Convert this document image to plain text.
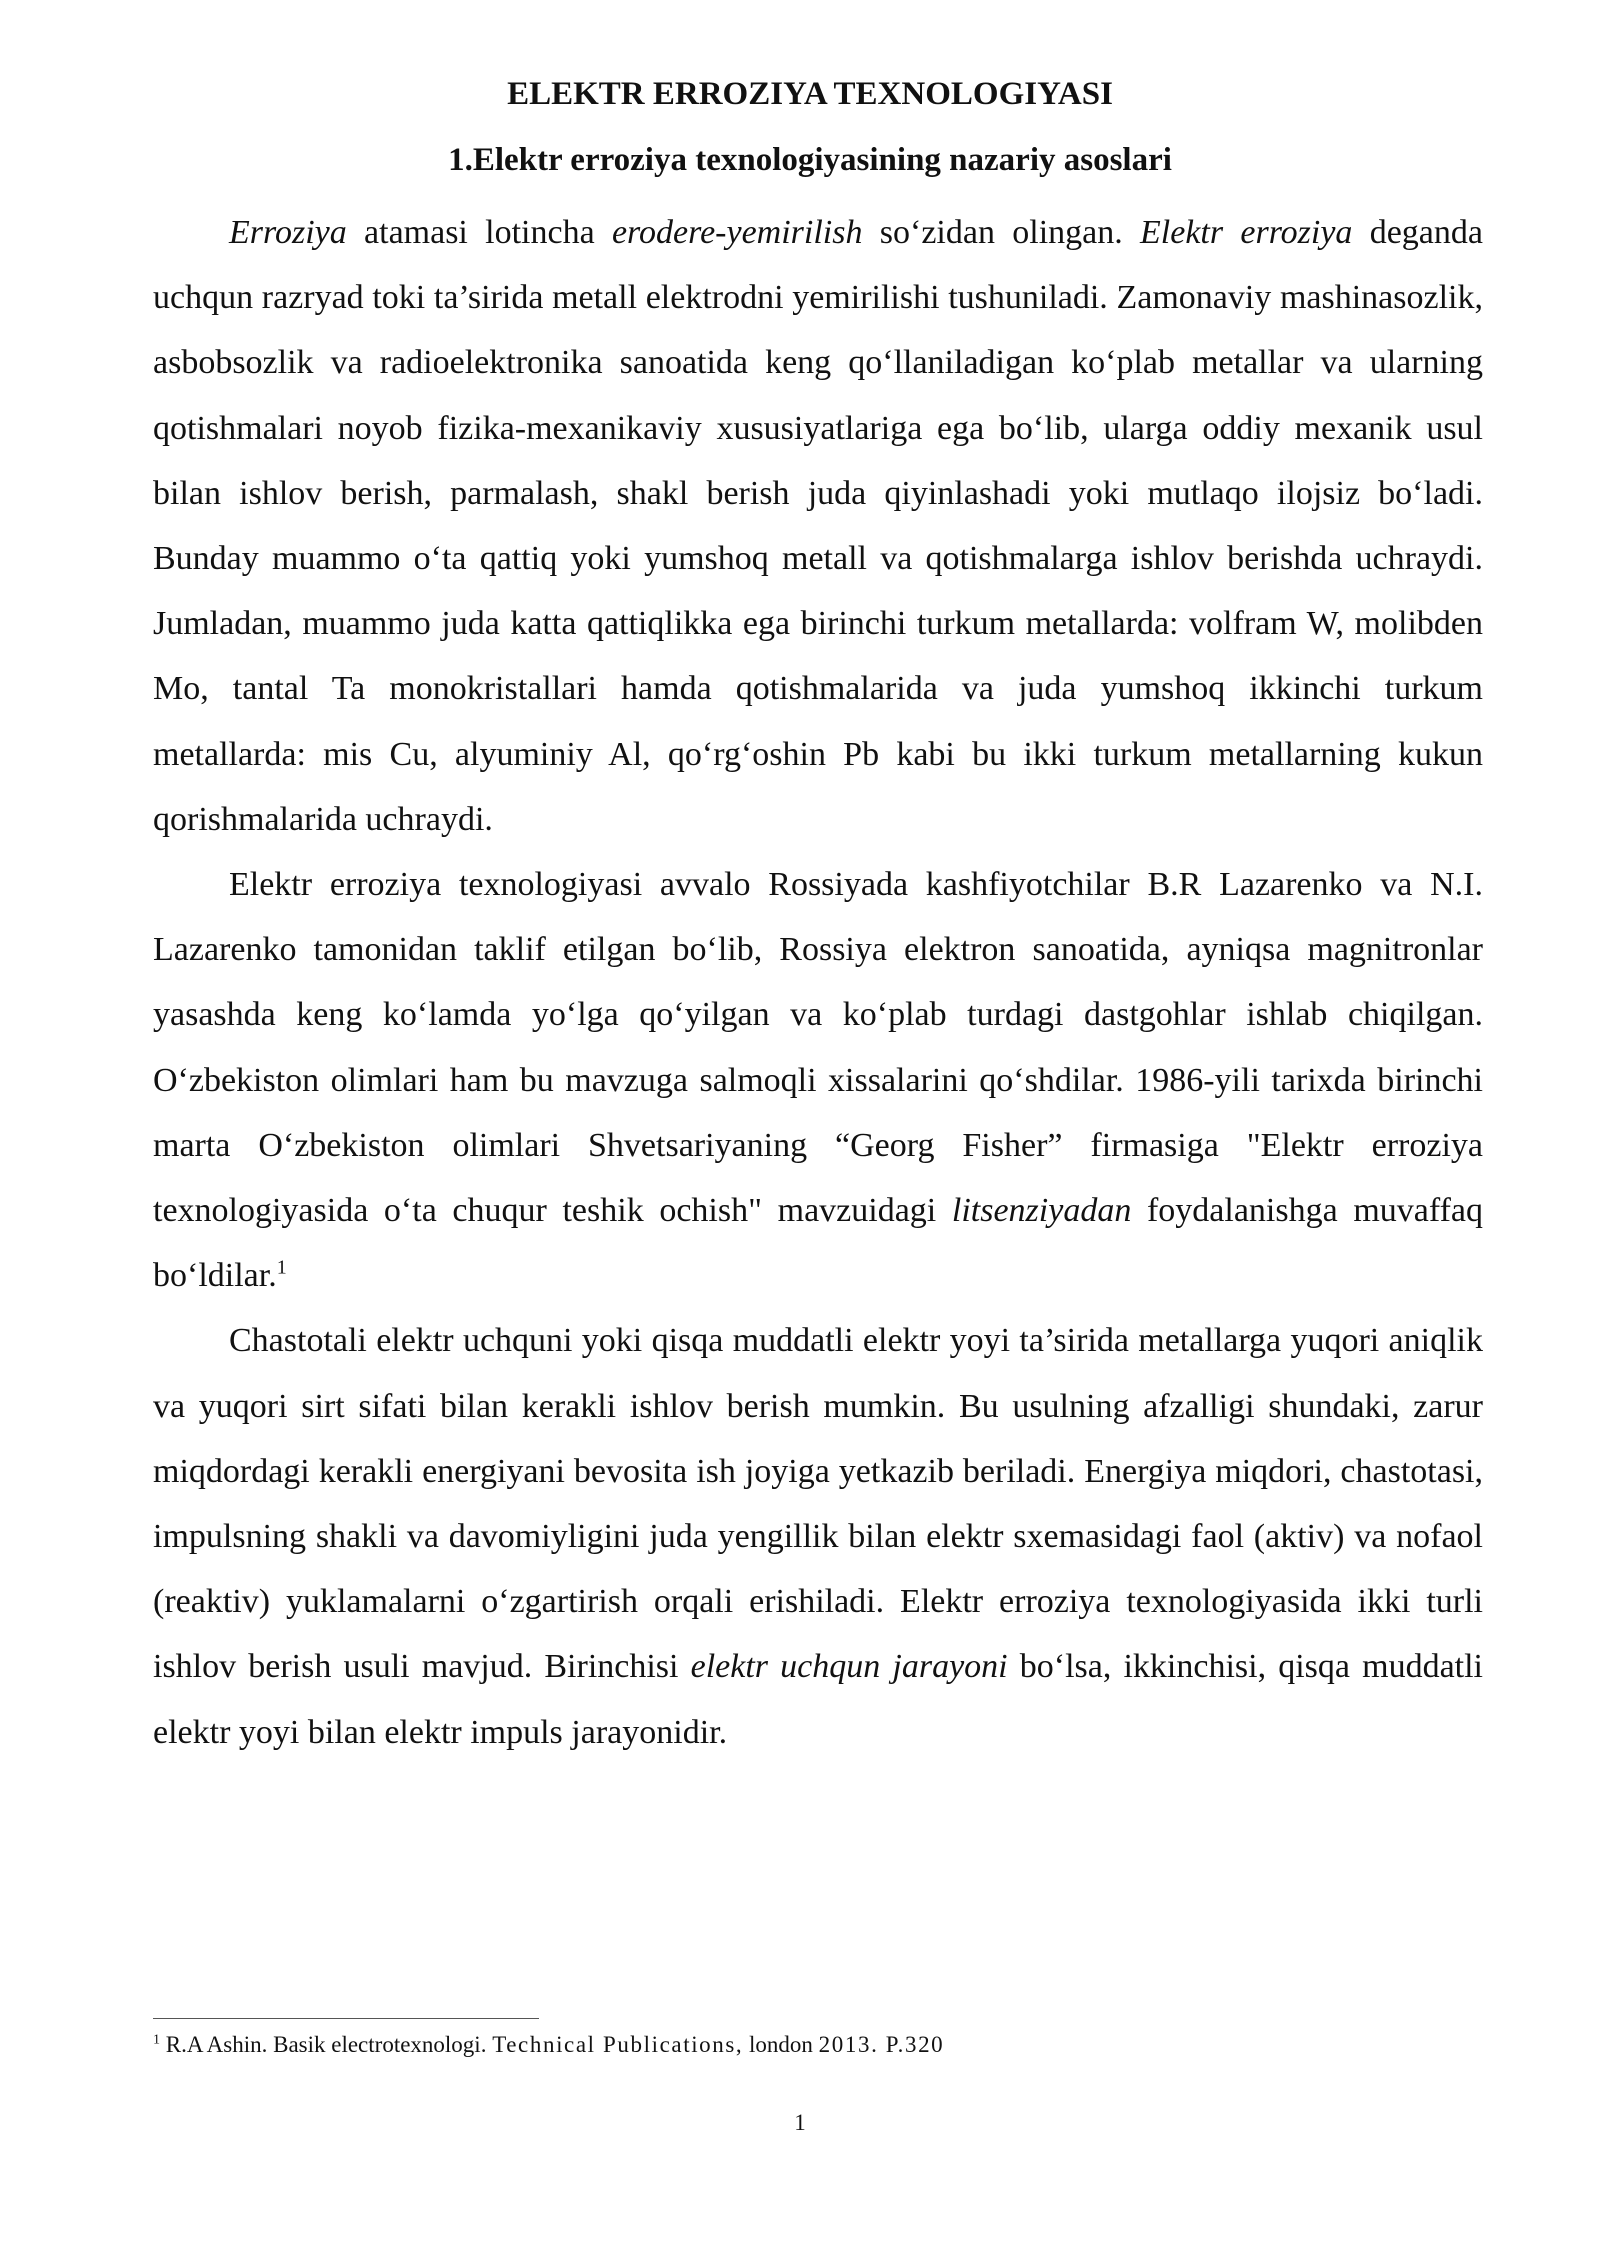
ELEKTR ERROZIYA TEXNOLOGIYASI
1.Elektr erroziya texnologiyasining nazariy asoslari

Erroziya atamasi lotincha erodere-yemirilish so‘zidan olingan. Elektr erroziya deganda uchqun razryad toki ta’sirida metall elektrodni yemirilishi tushuniladi. Zamonaviy mashinasozlik, asbobsozlik va radioelektronika sanoatida keng qo‘llaniladigan ko‘plab metallar va ularning qotishmalari noyob fizika-mexanikaviy xususiyatlariga ega bo‘lib, ularga oddiy mexanik usul bilan ishlov berish, parmalash, shakl berish juda qiyinlashadi yoki mutlaqo ilojsiz bo‘ladi. Bunday muammo o‘ta qattiq yoki yumshoq metall va qotishmalarga ishlov berishda uchraydi. Jumladan, muammo juda katta qattiqlikka ega birinchi turkum metallarda: volfram W, molibden Mo, tantal Ta monokristallari hamda qotishmalarida va juda yumshoq ikkinchi turkum metallarda: mis Cu, alyuminiy Al, qo‘rg‘oshin Pb kabi bu ikki turkum metallarning kukun qorishmalarida uchraydi.

Elektr erroziya texnologiyasi avvalo Rossiyada kashfiyotchilar B.R Lazarenko va N.I. Lazarenko tamonidan taklif etilgan bo‘lib, Rossiya elektron sanoatida, ayniqsa magnitronlar yasashda keng ko‘lamda yo‘lga qo‘yilgan va ko‘plab turdagi dastgohlar ishlab chiqilgan. O‘zbekiston olimlari ham bu mavzuga salmoqli xissalarini qo‘shdilar. 1986-yili tarixda birinchi marta O‘zbekiston olimlari Shvetsariyaning “Georg Fisher” firmasiga "Elektr erroziya texnologiyasida o‘ta chuqur teshik ochish" mavzuidagi litsenziyadan foydalanishga muvaffaq bo‘ldilar.$^1$

Chastotali elektr uchquni yoki qisqa muddatli elektr yoyi ta’sirida metallarga yuqori aniqlik va yuqori sirt sifati bilan kerakli ishlov berish mumkin. Bu usulning afzalligi shundaki, zarur miqdordagi kerakli energiyani bevosita ish joyiga yetkazib beriladi. Energiya miqdori, chastotasi, impulsning shakli va davomiyligini juda yengillik bilan elektr sxemasidagi faol (aktiv) va nofaol (reaktiv) yuklamalarni o‘zgartirish orqali erishiladi. Elektr erroziya texnologiyasida ikki turli ishlov berish usuli mavjud. Birinchisi elektr uchqun jarayoni bo‘lsa, ikkinchisi, qisqa muddatli elektr yoyi bilan elektr impuls jarayonidir.

$^1$ R.A Ashin. Basik electrotexnologi. Technical Publications, london 2013. P.320
1
